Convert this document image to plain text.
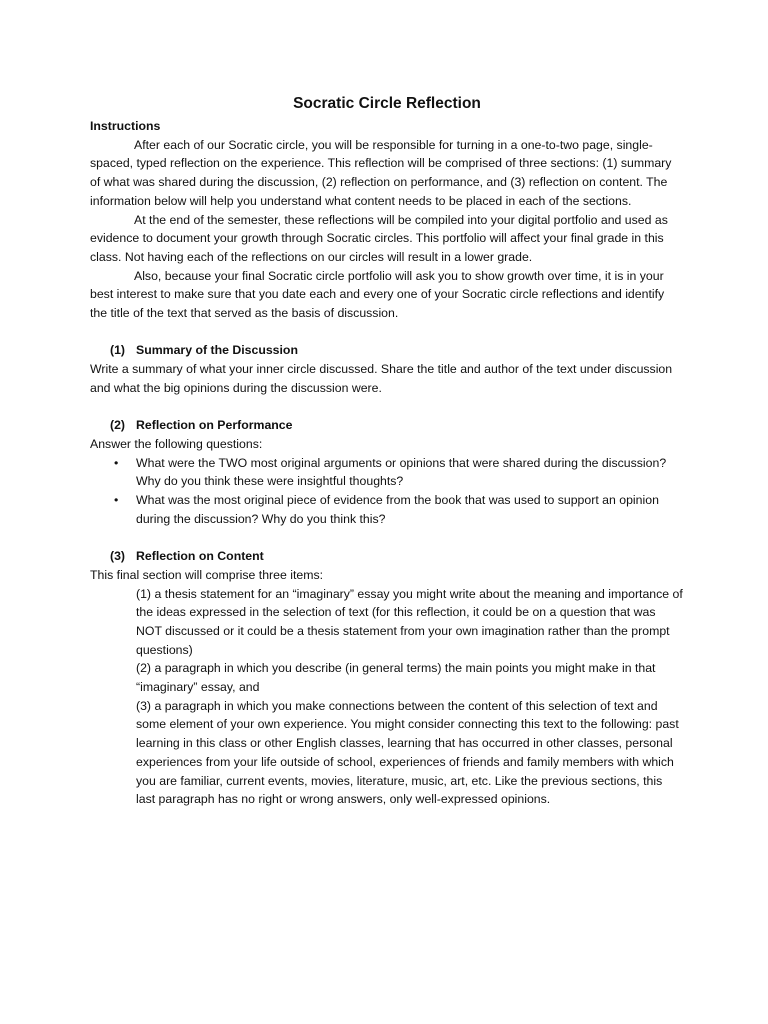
Socratic Circle Reflection

Instructions

After each of our Socratic circle, you will be responsible for turning in a one-to-two page, single-spaced, typed reflection on the experience. This reflection will be comprised of three sections: (1) summary of what was shared during the discussion, (2) reflection on performance, and (3) reflection on content. The information below will help you understand what content needs to be placed in each of the sections.

At the end of the semester, these reflections will be compiled into your digital portfolio and used as evidence to document your growth through Socratic circles. This portfolio will affect your final grade in this class. Not having each of the reflections on our circles will result in a lower grade.

Also, because your final Socratic circle portfolio will ask you to show growth over time, it is in your best interest to make sure that you date each and every one of your Socratic circle reflections and identify the title of the text that served as the basis of discussion.

(1) Summary of the Discussion

Write a summary of what your inner circle discussed. Share the title and author of the text under discussion and what the big opinions during the discussion were.

(2) Reflection on Performance

Answer the following questions:

• What were the TWO most original arguments or opinions that were shared during the discussion? Why do you think these were insightful thoughts?
• What was the most original piece of evidence from the book that was used to support an opinion during the discussion? Why do you think this?

(3) Reflection on Content

This final section will comprise three items:

(1) a thesis statement for an “imaginary” essay you might write about the meaning and importance of the ideas expressed in the selection of text (for this reflection, it could be on a question that was NOT discussed or it could be a thesis statement from your own imagination rather than the prompt questions)

(2) a paragraph in which you describe (in general terms) the main points you might make in that “imaginary” essay, and

(3) a paragraph in which you make connections between the content of this selection of text and some element of your own experience. You might consider connecting this text to the following: past learning in this class or other English classes, learning that has occurred in other classes, personal experiences from your life outside of school, experiences of friends and family members with which you are familiar, current events, movies, literature, music, art, etc. Like the previous sections, this last paragraph has no right or wrong answers, only well-expressed opinions.
